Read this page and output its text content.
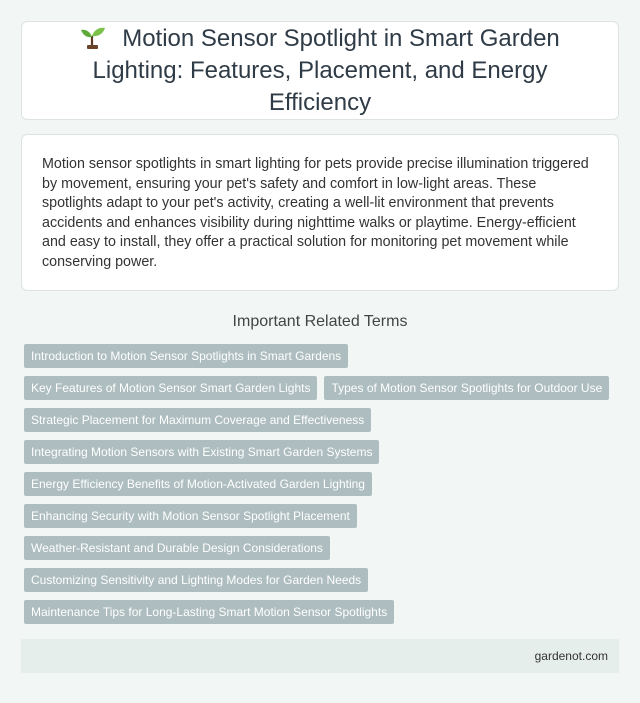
Motion Sensor Spotlight in Smart Garden Lighting: Features, Placement, and Energy Efficiency

Motion sensor spotlights in smart lighting for pets provide precise illumination triggered by movement, ensuring your pet's safety and comfort in low-light areas. These spotlights adapt to your pet's activity, creating a well-lit environment that prevents accidents and enhances visibility during nighttime walks or playtime. Energy-efficient and easy to install, they offer a practical solution for monitoring pet movement while conserving power.

Important Related Terms
Introduction to Motion Sensor Spotlights in Smart Gardens
Key Features of Motion Sensor Smart Garden Lights	Types of Motion Sensor Spotlights for Outdoor Use
Strategic Placement for Maximum Coverage and Effectiveness
Integrating Motion Sensors with Existing Smart Garden Systems
Energy Efficiency Benefits of Motion-Activated Garden Lighting
Enhancing Security with Motion Sensor Spotlight Placement
Weather-Resistant and Durable Design Considerations
Customizing Sensitivity and Lighting Modes for Garden Needs
Maintenance Tips for Long-Lasting Smart Motion Sensor Spotlights
gardenot.com
